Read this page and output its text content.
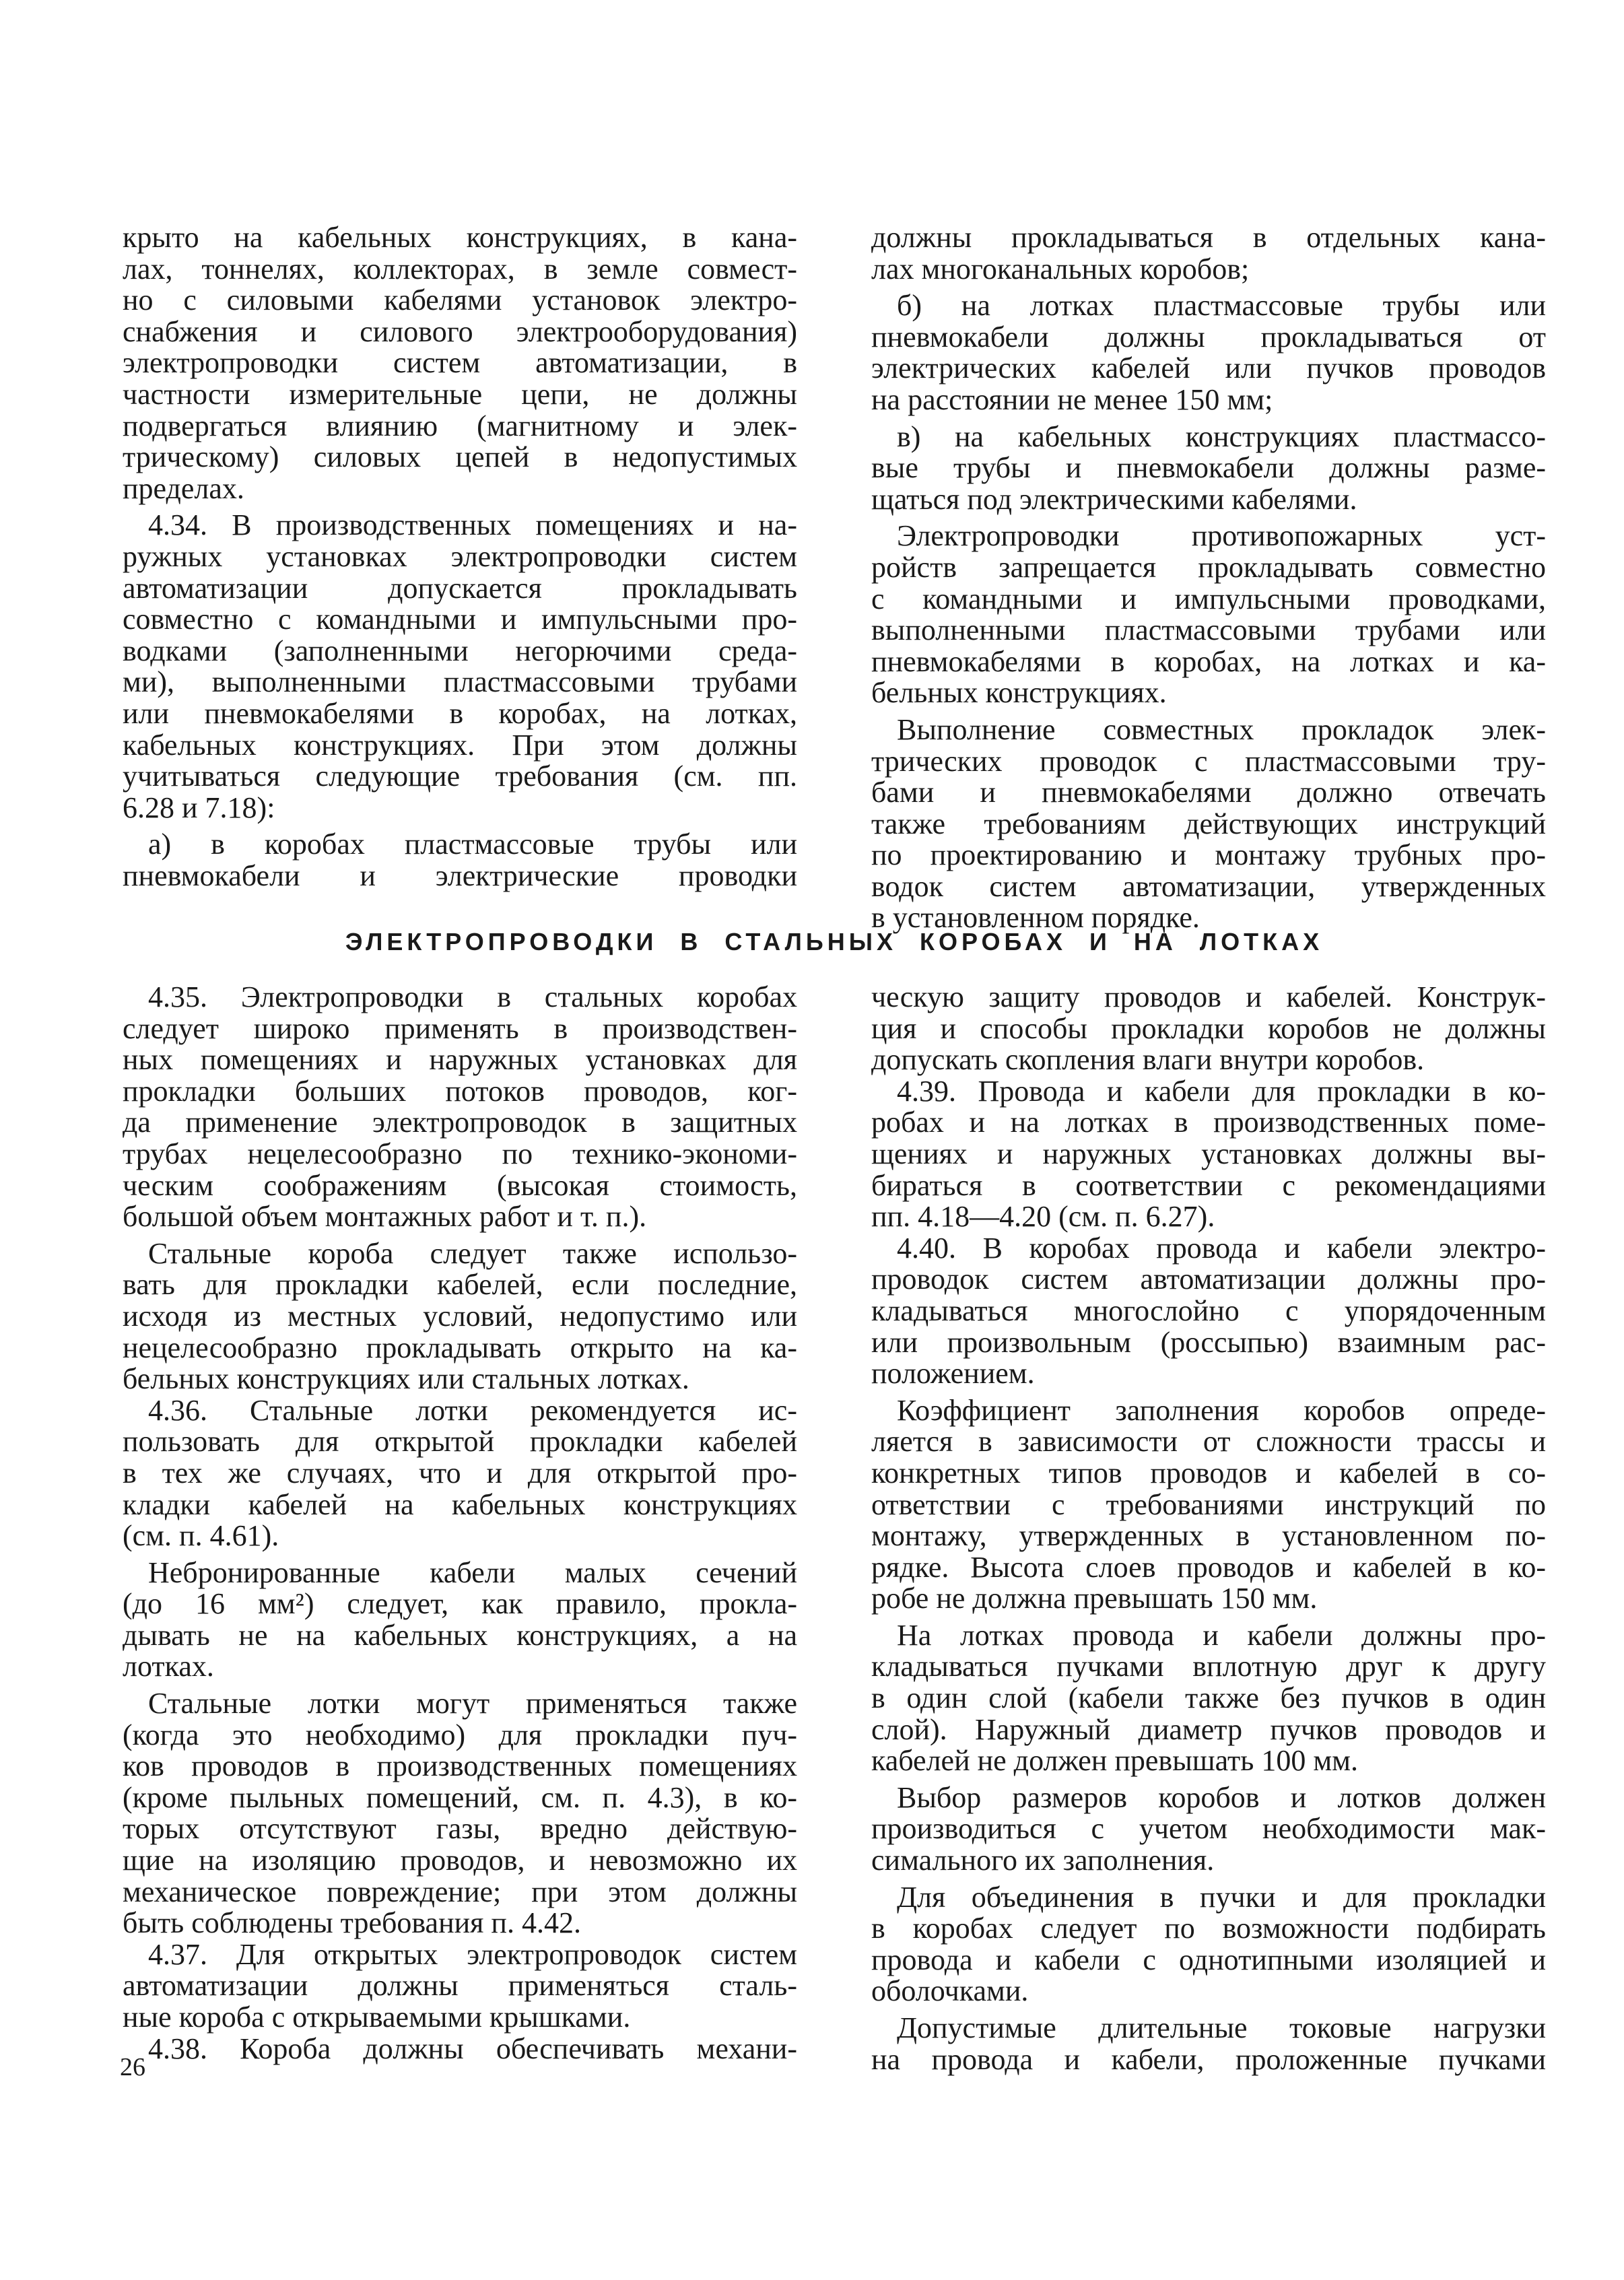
крыто на кабельных конструкциях, в кана-

лах, тоннелях, коллекторах, в земле совмест-

но с силовыми кабелями установок электро-

снабжения и силового электрооборудования)

электропроводки систем автоматизации, в

частности измерительные цепи, не должны

подвергаться влиянию (магнитному и элек-

трическому) силовых цепей в недопустимых

пределах.

4.34. В производственных помещениях и на-

ружных установках электропроводки систем

автоматизации допускается прокладывать

совместно с командными и импульсными про-

водками (заполненными негорючими среда-

ми), выполненными пластмассовыми трубами

или пневмокабелями в коробах, на лотках,

кабельных конструкциях. При этом должны

учитываться следующие требования (см. пп.

6.28 и 7.18):

а) в коробах пластмассовые трубы или

пневмокабели и электрические проводки

должны прокладываться в отдельных кана-

лах многоканальных коробов;

б) на лотках пластмассовые трубы или

пневмокабели должны прокладываться от

электрических кабелей или пучков проводов

на расстоянии не менее 150 мм;

в) на кабельных конструкциях пластмассо-

вые трубы и пневмокабели должны разме-

щаться под электрическими кабелями.

Электропроводки противопожарных уст-

ройств запрещается прокладывать совместно

с командными и импульсными проводками,

выполненными пластмассовыми трубами или

пневмокабелями в коробах, на лотках и ка-

бельных конструкциях.

Выполнение совместных прокладок элек-

трических проводок с пластмассовыми тру-

бами и пневмокабелями должно отвечать

также требованиям действующих инструкций

по проектированию и монтажу трубных про-

водок систем автоматизации, утвержденных

в установленном порядке.

ЭЛЕКТРОПРОВОДКИ В СТАЛЬНЫХ КОРОБАХ И НА ЛОТКАХ

4.35. Электропроводки в стальных коробах

следует широко применять в производствен-

ных помещениях и наружных установках для

прокладки больших потоков проводов, ког-

да применение электропроводок в защитных

трубах нецелесообразно по технико-экономи-

ческим соображениям (высокая стоимость,

большой объем монтажных работ и т. п.).

Стальные короба следует также использо-

вать для прокладки кабелей, если последние,

исходя из местных условий, недопустимо или

нецелесообразно прокладывать открыто на ка-

бельных конструкциях или стальных лотках.

4.36. Стальные лотки рекомендуется ис-

пользовать для открытой прокладки кабелей

в тех же случаях, что и для открытой про-

кладки кабелей на кабельных конструкциях

(см. п. 4.61).

Небронированные кабели малых сечений

(до 16 мм²) следует, как правило, прокла-

дывать не на кабельных конструкциях, а на

лотках.

Стальные лотки могут применяться также

(когда это необходимо) для прокладки пуч-

ков проводов в производственных помещениях

(кроме пыльных помещений, см. п. 4.3), в ко-

торых отсутствуют газы, вредно действую-

щие на изоляцию проводов, и невозможно их

механическое повреждение; при этом должны

быть соблюдены требования п. 4.42.

4.37. Для открытых электропроводок систем

автоматизации должны применяться сталь-

ные короба с открываемыми крышками.

4.38. Короба должны обеспечивать механи-

ческую защиту проводов и кабелей. Конструк-

ция и способы прокладки коробов не должны

допускать скопления влаги внутри коробов.

4.39. Провода и кабели для прокладки в ко-

робах и на лотках в производственных поме-

щениях и наружных установках должны вы-

бираться в соответствии с рекомендациями

пп. 4.18—4.20 (см. п. 6.27).

4.40. В коробах провода и кабели электро-

проводок систем автоматизации должны про-

кладываться многослойно с упорядоченным

или произвольным (россыпью) взаимным рас-

положением.

Коэффициент заполнения коробов опреде-

ляется в зависимости от сложности трассы и

конкретных типов проводов и кабелей в со-

ответствии с требованиями инструкций по

монтажу, утвержденных в установленном по-

рядке. Высота слоев проводов и кабелей в ко-

робе не должна превышать 150 мм.

На лотках провода и кабели должны про-

кладываться пучками вплотную друг к другу

в один слой (кабели также без пучков в один

слой). Наружный диаметр пучков проводов и

кабелей не должен превышать 100 мм.

Выбор размеров коробов и лотков должен

производиться с учетом необходимости мак-

симального их заполнения.

Для объединения в пучки и для прокладки

в коробах следует по возможности подбирать

провода и кабели с однотипными изоляцией и

оболочками.

Допустимые длительные токовые нагрузки

на провода и кабели, проложенные пучками

26
